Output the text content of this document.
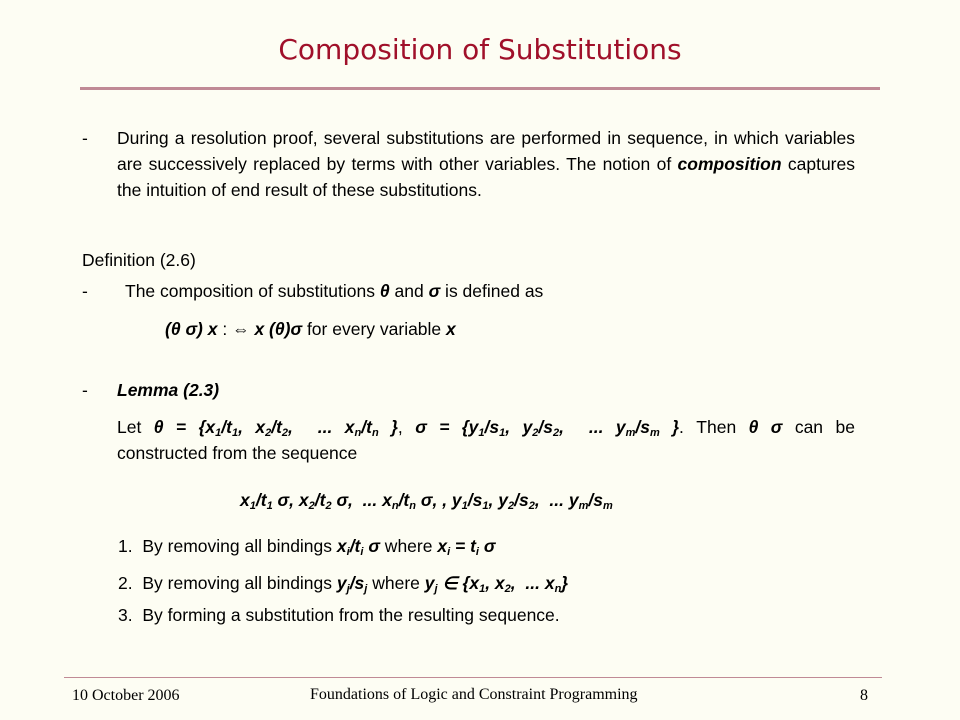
Composition of Substitutions
- During a resolution proof, several substitutions are performed in sequence, in which variables are successively replaced by terms with other variables. The notion of composition captures the intuition of end result of these substitutions.
Definition (2.6)
- The composition of substitutions θ and σ is defined as
(θ σ) x : ⇔ x (θ)σ for every variable x
- Lemma (2.3)
Let $\theta = \{x_1/t_1$, $x_2/t_2$,  ... $x_n/t_n$ }, $\sigma = \{y_1/s_1$, $y_2/s_2$,  ... $y_m/s_m$ }. Then θ σ can be
constructed from the sequence
$x_1/t_1$ σ, $x_2/t_2$ σ,  ... $x_n/t_n$ σ, , $y_1/s_1$, $y_2/s_2$,  ... $y_m/s_m$
1. By removing all bindings $x_i/t_i$ σ where $x_i = t_i$ σ
2. By removing all bindings $y_j/s_j$ where $y_j$ ∈ {$x_1$, $x_2$,  ... $x_n$}
3. By forming a substitution from the resulting sequence.
10 October 2006	Foundations of Logic and Constraint Programming	8
